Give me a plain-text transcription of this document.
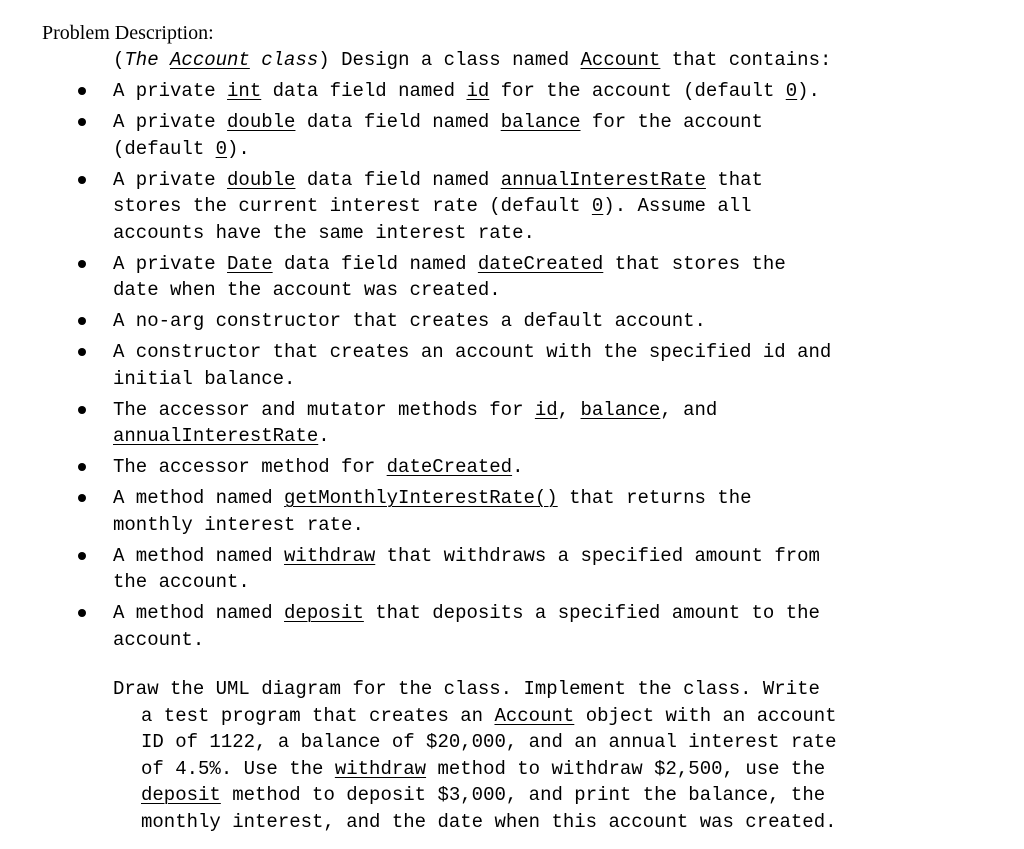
Problem Description:

(The Account class) Design a class named Account that contains:

A private int data field named id for the account (default 0).
A private double data field named balance for the account
(default 0).
A private double data field named annualInterestRate that
stores the current interest rate (default 0). Assume all
accounts have the same interest rate.
A private Date data field named dateCreated that stores the
date when the account was created.
A no-arg constructor that creates a default account.
A constructor that creates an account with the specified id and
initial balance.
The accessor and mutator methods for id, balance, and
annualInterestRate.
The accessor method for dateCreated.
A method named getMonthlyInterestRate() that returns the
monthly interest rate.
A method named withdraw that withdraws a specified amount from
the account.
A method named deposit that deposits a specified amount to the
account.

Draw the UML diagram for the class. Implement the class. Write
a test program that creates an Account object with an account
ID of 1122, a balance of $20,000, and an annual interest rate
of 4.5%. Use the withdraw method to withdraw $2,500, use the
deposit method to deposit $3,000, and print the balance, the
monthly interest, and the date when this account was created.
